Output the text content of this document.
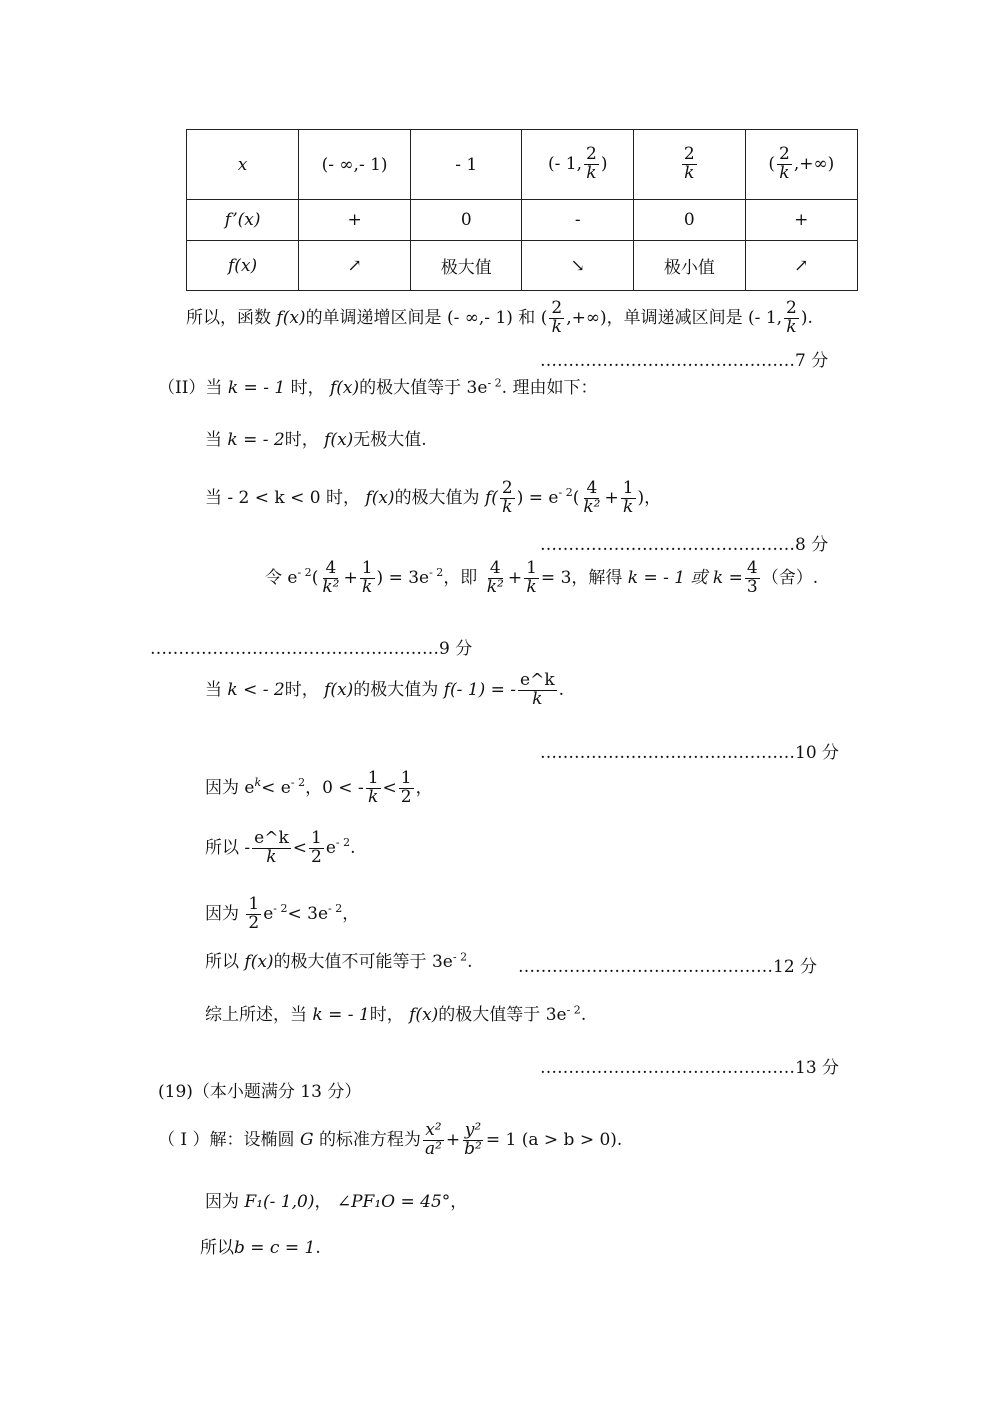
x	(- ∞,- 1)	- 1	(- 1, $\frac{2}{k}$ )	$\frac{2}{k}$	( $\frac{2}{k}$ ,+∞)
f’(x)	+	0	-	0	+
f(x)	↗	极大值	↘	极小值	↗
所以，函数 f(x)的单调递增区间是 (- ∞,- 1) 和 ( $\frac{2}{k}$ ,+∞)，单调递减区间是 (- 1, $\frac{2}{k}$ ).
………………………………………7 分
（II）当 k = - 1 时， f(x)的极大值等于 $3e^{- 2}$. 理由如下：
当 k = - 2时， f(x)无极大值.
当 - 2 < k < 0 时， f(x)的极大值为 $f( \frac{2}{k}$ ) = $e^{- 2}( \frac{4}{\text{k²}} + \frac{1}{k}$ )，
………………………………………8 分
令 $e^{- 2}( \frac{4}{\text{k²}} + \frac{1}{k}$ ) = $3e^{- 2}$，即 $\frac{4}{\text{k²}} + \frac{1}{k} = 3$，解得 k = - 1 或 $k = \frac{4}{3}$ （舍）.
……………………………………………9 分
当 k < - 2时， f(x)的极大值为 f(- 1) = - $\frac{e\^{}k}{k}$ .
………………………………………10 分
因为 $e^k< e^{- 2}$，0 < - $\frac{1}{k} < \frac{1}{2}$ ，
所以 - $\frac{e\^{}k}{k} < \frac{1}{2} e^{- 2}$.
因为 $\frac{1}{2} e^{- 2}< 3e^{- 2}$，
所以 f(x)的极大值不可能等于 $3e^{- 2}$.	………………………………………12 分
综上所述，当 k = - 1时， f(x)的极大值等于 $3e^{- 2}$.
………………………………………13 分
(19)（本小题满分 13 分）
（ I ）解：设椭圆 G 的标准方程为 $\frac{\text{x²}}{\text{a²}} + \frac{\text{y²}}{\text{b²}} = 1$ (a > b > 0).
因为 F₁(- 1,0)， ∠PF₁O = 45°，
所以b = c = 1.
